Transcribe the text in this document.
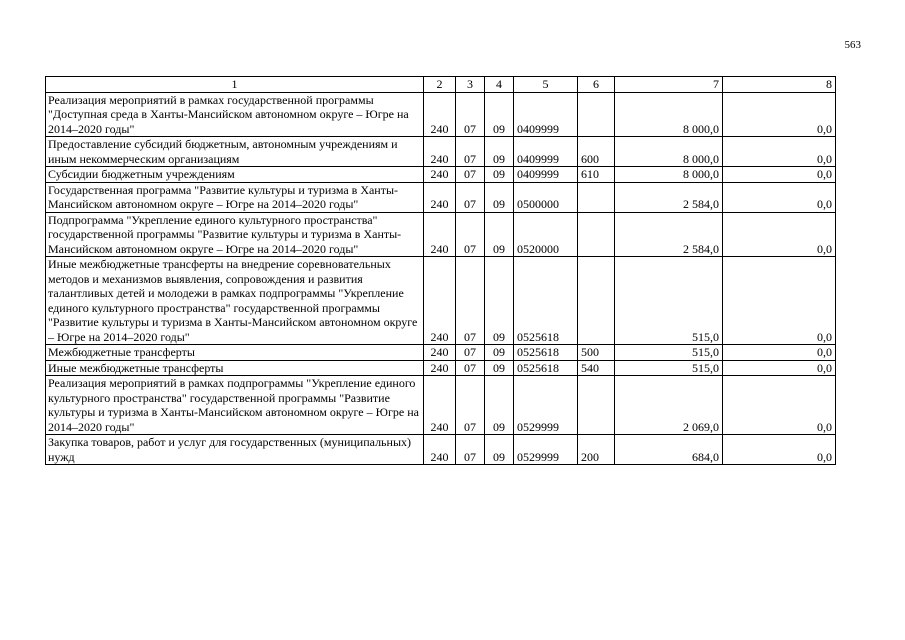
563
1	2	3	4	5	6	7	8
Реализация мероприятий в рамках государственной программы "Доступная среда в Ханты-Мансийском автономном округе – Югре на 2014–2020 годы"	240	07	09	0409999		8 000,0	0,0
Предоставление субсидий бюджетным, автономным учреждениям и иным некоммерческим организациям	240	07	09	0409999	600	8 000,0	0,0
Субсидии бюджетным учреждениям	240	07	09	0409999	610	8 000,0	0,0
Государственная программа "Развитие культуры и туризма в Ханты-Мансийском автономном округе – Югре на 2014–2020 годы"	240	07	09	0500000		2 584,0	0,0
Подпрограмма "Укрепление единого культурного пространства" государственной программы "Развитие культуры и туризма в Ханты-Мансийском автономном округе – Югре на 2014–2020 годы"	240	07	09	0520000		2 584,0	0,0
Иные межбюджетные трансферты на внедрение соревновательных методов и механизмов выявления, сопровождения и развития талантливых детей и молодежи в рамках подпрограммы "Укрепление единого культурного пространства" государственной программы "Развитие культуры и туризма в Ханты-Мансийском автономном округе – Югре на 2014–2020 годы"	240	07	09	0525618		515,0	0,0
Межбюджетные трансферты	240	07	09	0525618	500	515,0	0,0
Иные межбюджетные трансферты	240	07	09	0525618	540	515,0	0,0
Реализация мероприятий в рамках подпрограммы "Укрепление единого культурного пространства" государственной программы "Развитие культуры и туризма в Ханты-Мансийском автономном округе – Югре на 2014–2020 годы"	240	07	09	0529999		2 069,0	0,0
Закупка товаров, работ и услуг для государственных (муниципальных) нужд	240	07	09	0529999	200	684,0	0,0
